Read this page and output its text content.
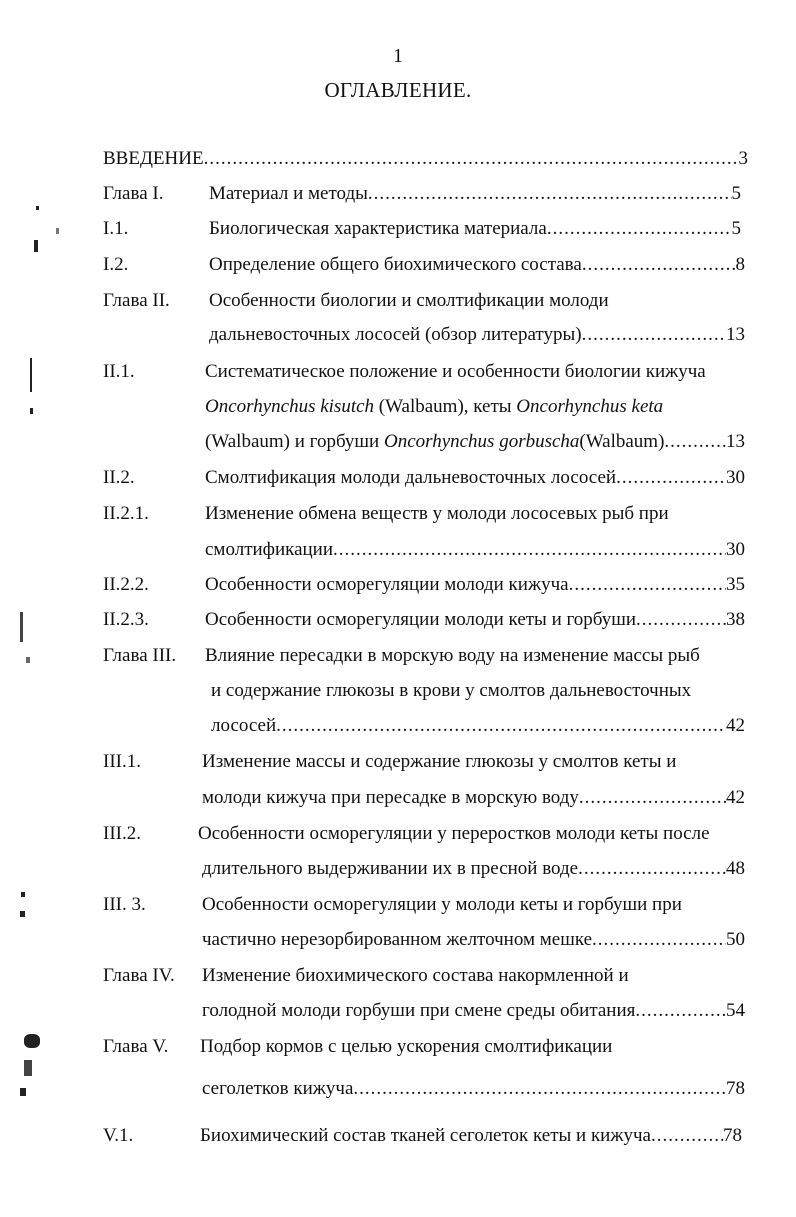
1
ОГЛАВЛЕНИЕ.
ВВЕДЕНИЕ .....	3
Глава I. Материал и методы .....	5
I.1.	Биологическая характеристика материала .....	5
I.2.	Определение общего биохимического состава .....	8
Глава II. Особенности биологии и смолтификации молоди
дальневосточных лососей (обзор литературы) .....	13
II.1.	Систематическое положение и особенности биологии кижуча
Oncorhynchus kisutch (Walbaum), кеты Oncorhynchus keta
(Walbaum) и горбуши Oncorhynchus gorbuscha(Walbaum) .....	13
II.2.	Смолтификация молоди дальневосточных лососей .....	30
II.2.1.	Изменение обмена веществ у молоди лососевых рыб при
смолтификации .....	30
II.2.2.	Особенности осморегуляции молоди кижуча .....	35
II.2.3.	Особенности осморегуляции молоди кеты и горбуши .....	38
Глава III. Влияние пересадки в морскую воду на изменение массы рыб
и содержание глюкозы в крови у смолтов дальневосточных
лососей .....	42
III.1.	Изменение массы и содержание глюкозы у смолтов кеты и
молоди кижуча при пересадке в морскую воду .....	42
III.2.	Особенности осморегуляции у переростков молоди кеты после
длительного выдерживании их в пресной воде .....	48
III. 3.	Особенности осморегуляции у молоди кеты и горбуши при
частично нерезорбированном желточном мешке .....	50
Глава IV. Изменение биохимического состава накормленной и
голодной молоди горбуши при смене среды обитания .....	54
Глава V. Подбор кормов с целью ускорения смолтификации
сеголетков кижуча .....	78
V.1.	Биохимический состав тканей сеголеток кеты и кижуча .....	78
